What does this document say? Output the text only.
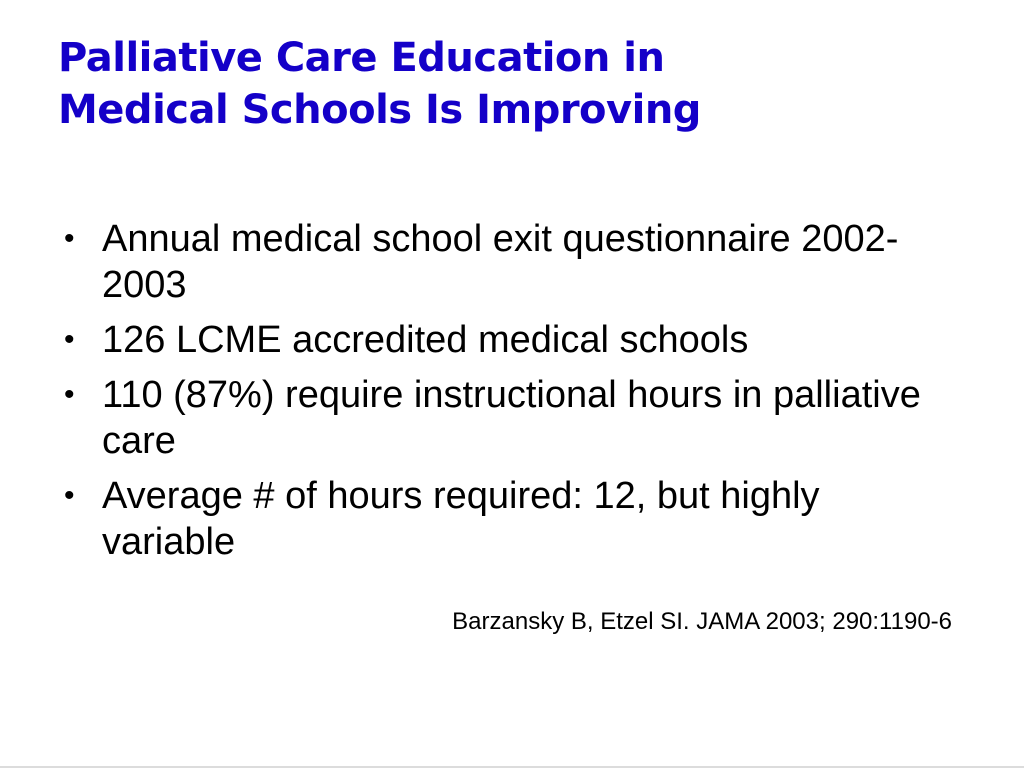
Palliative Care Education in
Medical Schools Is Improving
• Annual medical school exit questionnaire 2002-2003
• 126 LCME accredited medical schools
• 110 (87%) require instructional hours in palliative care
• Average # of hours required: 12, but highly variable

Barzansky B, Etzel SI. JAMA 2003; 290:1190-6
